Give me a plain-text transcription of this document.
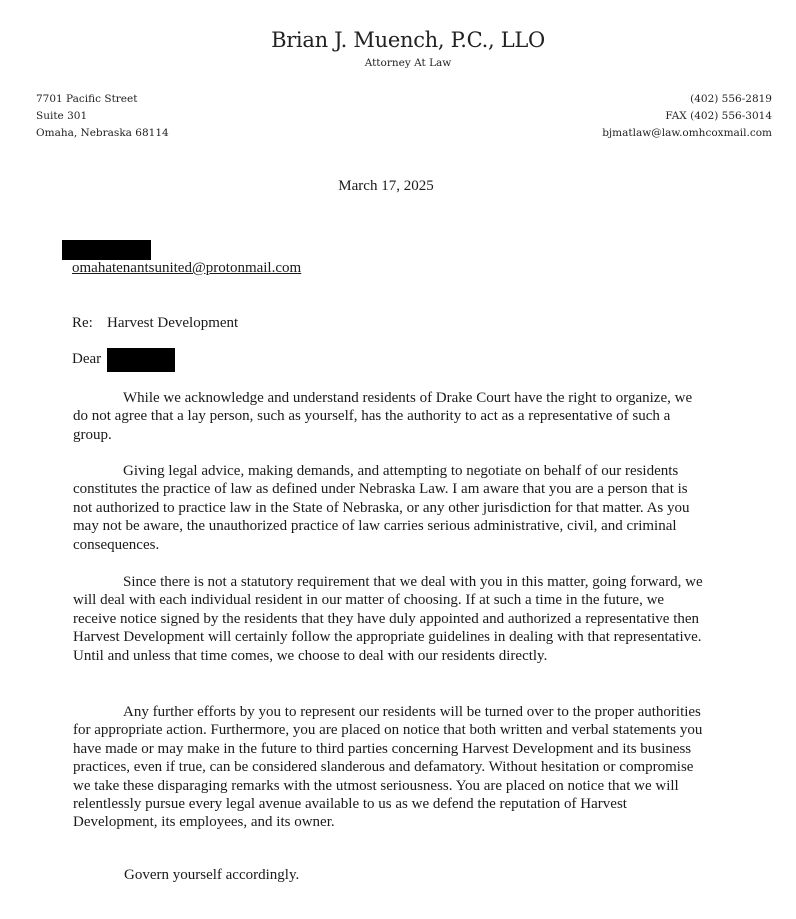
Brian J. Muench, P.C., LLO
Attorney At Law
7701 Pacific Street
Suite 301
Omaha, Nebraska 68114
(402) 556-2819
FAX (402) 556-3014
bjmatlaw@law.omhcoxmail.com
March 17, 2025
omahatenantsunited@protonmail.com
Re: Harvest Development
Dear

While we acknowledge and understand residents of Drake Court have the right to organize, we do not agree that a lay person, such as yourself, has the authority to act as a representative of such a group.

Giving legal advice, making demands, and attempting to negotiate on behalf of our residents constitutes the practice of law as defined under Nebraska Law. I am aware that you are a person that is not authorized to practice law in the State of Nebraska, or any other jurisdiction for that matter. As you may not be aware, the unauthorized practice of law carries serious administrative, civil, and criminal consequences.

Since there is not a statutory requirement that we deal with you in this matter, going forward, we will deal with each individual resident in our matter of choosing. If at such a time in the future, we receive notice signed by the residents that they have duly appointed and authorized a representative then Harvest Development will certainly follow the appropriate guidelines in dealing with that representative. Until and unless that time comes, we choose to deal with our residents directly.

Any further efforts by you to represent our residents will be turned over to the proper authorities for appropriate action. Furthermore, you are placed on notice that both written and verbal statements you have made or may make in the future to third parties concerning Harvest Development and its business practices, even if true, can be considered slanderous and defamatory. Without hesitation or compromise we take these disparaging remarks with the utmost seriousness. You are placed on notice that we will relentlessly pursue every legal avenue available to us as we defend the reputation of Harvest Development, its employees, and its owner.

Govern yourself accordingly.
